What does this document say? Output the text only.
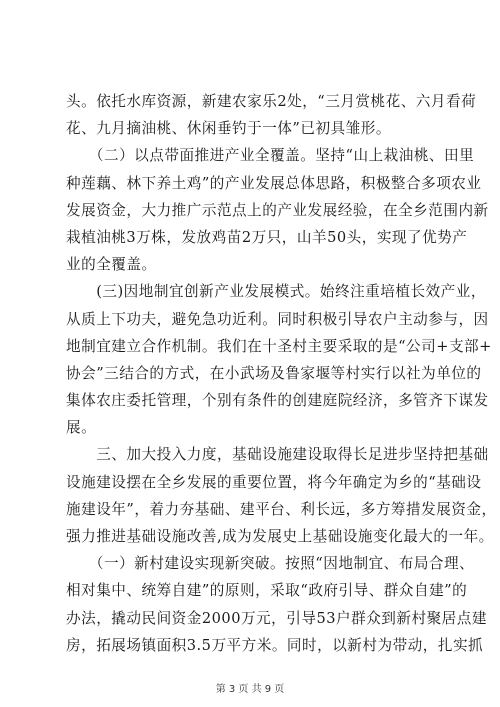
头。依托水库资源，新建农家乐2处，“三月赏桃花、六月看荷
花、九月摘油桃、休闲垂钓于一体”已初具雏形。
　　（二）以点带面推进产业全覆盖。坚持“山上栽油桃、田里
种莲藕、林下养土鸡”的产业发展总体思路，积极整合多项农业
发展资金，大力推广示范点上的产业发展经验，在全乡范围内新
栽植油桃3万株，发放鸡苗2万只，山羊50头，实现了优势产
业的全覆盖。
　　(三)因地制宜创新产业发展模式。始终注重培植长效产业，
从质上下功夫，避免急功近利。同时积极引导农户主动参与，因
地制宜建立合作机制。我们在十圣村主要采取的是“公司+支部+
协会”三结合的方式，在小武场及鲁家堰等村实行以社为单位的
集体农庄委托管理，个别有条件的创建庭院经济，多管齐下谋发
展。
　　三、加大投入力度，基础设施建设取得长足进步坚持把基础
设施建设摆在全乡发展的重要位置，将今年确定为乡的“基础设
施建设年”，着力夯基础、建平台、利长远，多方筹措发展资金，
强力推进基础设施改善,成为发展史上基础设施变化最大的一年。
　　（一）新村建设实现新突破。按照“因地制宜、布局合理、
相对集中、统筹自建”的原则，采取“政府引导、群众自建”的
办法，撬动民间资金2000万元，引导53户群众到新村聚居点建
房，拓展场镇面积3.5万平方米。同时，以新村为带动，扎实抓
第 3 页 共 9 页
